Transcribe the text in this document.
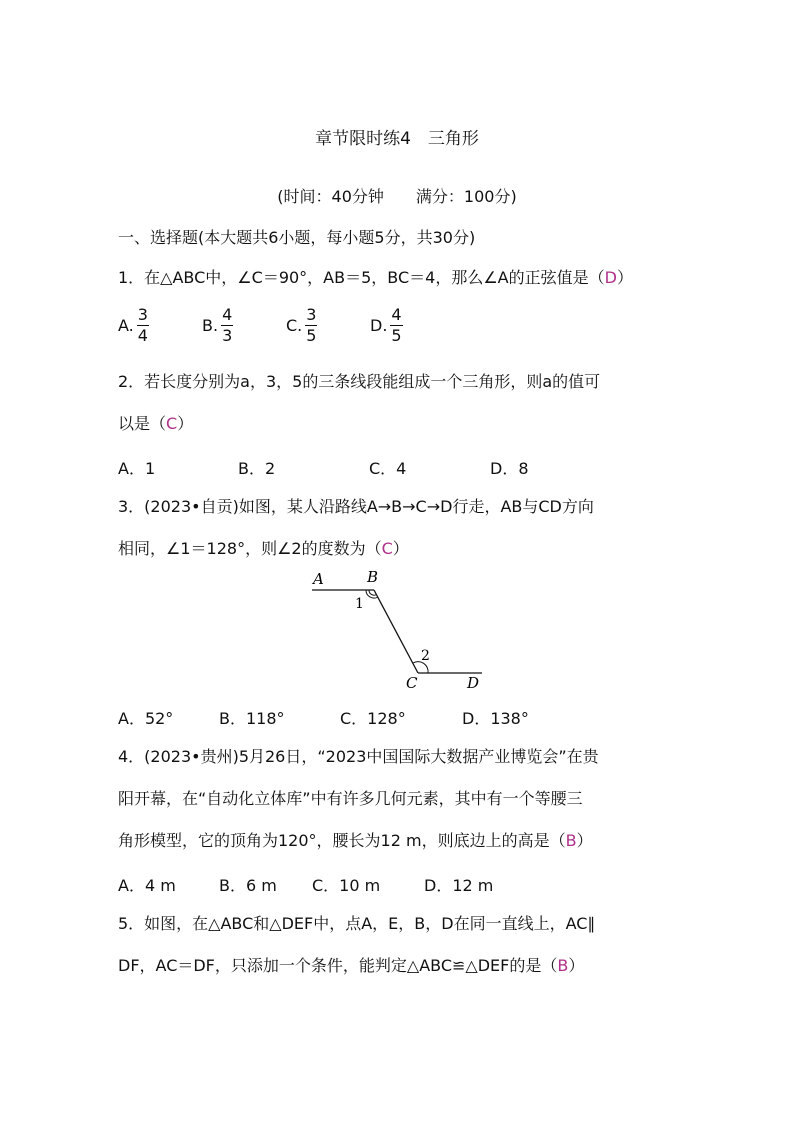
章节限时练4　三角形
(时间：40分钟　　满分：100分)
一、选择题(本大题共6小题，每小题5分，共30分)
1．在△ABC中，∠C＝90°，AB＝5，BC＝4，那么∠A的正弦值是（D）
A. $\frac{3}{4}$	B. $\frac{4}{3}$	C. $\frac{3}{5}$	D. $\frac{4}{5}$
2．若长度分别为a，3，5的三条线段能组成一个三角形，则a的值可
以是（C）
A．1	B．2	C．4	D．8
3．(2023•自贡)如图，某人沿路线A→B→C→D行走，AB与CD方向
相同，∠1＝128°，则∠2的度数为（C）
A	B
1
2
C	D
A．52°	B．118°	C．128°	D．138°
4．(2023•贵州)5月26日，“2023中国国际大数据产业博览会”在贵
阳开幕，在“自动化立体库”中有许多几何元素，其中有一个等腰三
角形模型，它的顶角为120°，腰长为12 m，则底边上的高是（B）
A．4 m	B．6 m C．10 m	D．12 m
5．如图，在△ABC和△DEF中，点A，E，B，D在同一直线上，AC∥
DF，AC＝DF，只添加一个条件，能判定△ABC≌△DEF的是（B）
